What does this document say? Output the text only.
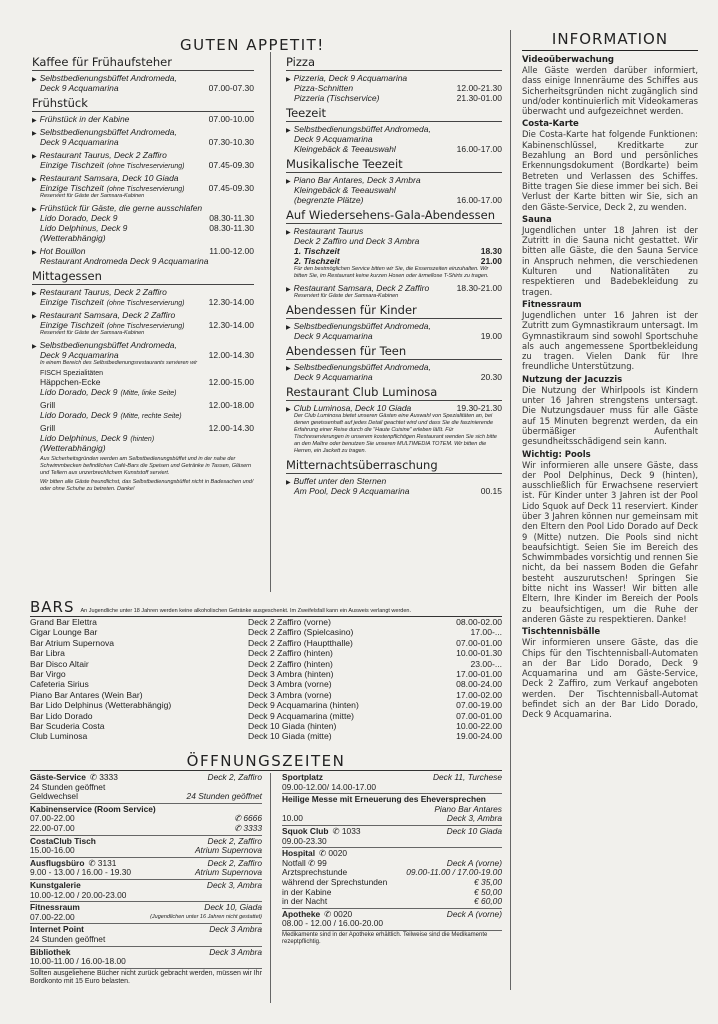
GUTEN APPETIT!
Kaffee für Frühaufsteher
▶ Selbstbedienungsbüffet Andromeda,
Deck 9 Acquamarina	07.00-07.30
Frühstück
▶ Frühstück in der Kabine	07.00-10.00
▶ Selbstbedienungsbüffet Andromeda,
Deck 9 Acquamarina	07.30-10.30
▶ Restaurant Taurus, Deck 2 Zaffiro
Einzige Tischzeit (ohne Tischreservierung)	07.45-09.30
▶ Restaurant Samsara, Deck 10 Giada
Einzige Tischzeit (ohne Tischreservierung)	07.45-09.30
Reserviert für Gäste der Samsara-Kabinen
▶ Frühstück für Gäste, die gerne ausschlafen
Lido Dorado, Deck 9	08.30-11.30
Lido Delphinus, Deck 9	08.30-11.30
(Wetterabhängig)
▶ Hot Bouillon	11.00-12.00
Restaurant Andromeda Deck 9 Acquamarina
Mittagessen
▶ Restaurant Taurus, Deck 2 Zaffiro
Einzige Tischzeit (ohne Tischreservierung)	12.30-14.00
▶ Restaurant Samsara, Deck 2 Zaffiro
Einzige Tischzeit (ohne Tischreservierung)	12.30-14.00
Reserviert für Gäste der Samsara-Kabinen
▶ Selbstbedienungsbüffet Andromeda,
Deck 9 Acquamarina	12.00-14.30
In einem Bereich des Selbstbedienungsrestaurants servieren wir
FISCH Spezialitäten
Häppchen-Ecke	12.00-15.00
Lido Dorado, Deck 9 (Mitte, linke Seite)
Grill	12.00-18.00
Lido Dorado, Deck 9 (Mitte, rechte Seite)
Grill	12.00-14.30
Lido Delphinus, Deck 9 (hinten)
(Wetterabhängig)
Aus Sicherheitsgründen werden am Selbstbedienungsbüffet und in der nahe der Schwimmbecken befindlichen Café-Bars die Speisen und Getränke in Tassen, Gläsern und Tellern aus unzerbrechlichem Kunststoff serviert.
Wir bitten alle Gäste freundlichst, das Selbstbedienungsbüffet nicht in Badesachen und/ oder ohne Schuhe zu betreten. Danke!
Pizza
▶ Pizzeria, Deck 9 Acquamarina
Pizza-Schnitten	12.00-21.30
Pizzeria (Tischservice)	21.30-01.00
Teezeit
▶ Selbstbedienungsbüffet Andromeda,
Deck 9 Acquamarina
Kleingebäck & Teeauswahl	16.00-17.00
Musikalische Teezeit
▶ Piano Bar Antares, Deck 3 Ambra
Kleingebäck & Teeauswahl
(begrenzte Plätze)	16.00-17.00
Auf Wiedersehens-Gala-Abendessen
▶ Restaurant Taurus
Deck 2 Zaffiro und Deck 3 Ambra
1. Tischzeit	18.30
2. Tischzeit	21.00
Für den bestmöglichen Service bitten wir Sie, die Essenszeiten einzuhalten. Wir bitten Sie, im Restaurant keine kurzen Hosen oder ärmellose T-Shirts zu tragen.
▶ Restaurant Samsara, Deck 2 Zaffiro	18.30-21.00
Reserviert für Gäste der Samsara-Kabinen
Abendessen für Kinder
▶ Selbstbedienungsbüffet Andromeda,
Deck 9 Acquamarina	19.00
Abendessen für Teen
▶ Selbstbedienungsbüffet Andromeda,
Deck 9 Acquamarina	20.30
Restaurant Club Luminosa
▶ Club Luminosa, Deck 10 Giada	19.30-21.30
Der Club Luminosa bietet unseren Gästen eine Auswahl von Spezialitäten an, bei denen gewissenhaft auf jedes Detail geachtet wird und dass Sie die faszinierende Erfahrung einer Reise durch die "Haute Cuisine" erleben läßt. Für Tischreservierungen in unserem kostenpflichtigen Restaurant wenden Sie sich bitte an den Maître oder benutzen Sie unseren MULTIMEDIA TOTEM. Wir bitten die Herren, ein Jackett zu tragen.
Mitternachtsüberraschung
▶ Buffet unter den Sternen
Am Pool, Deck 9 Acquamarina	00.15
INFORMATION
Videoüberwachung
Alle Gäste werden darüber informiert, dass einige Innenräume des Schiffes aus Sicherheitsgründen nicht zugänglich sind und/oder kontinuierlich mit Videokameras überwacht und aufgezeichnet werden.
Costa-Karte
Die Costa-Karte hat folgende Funktionen: Kabinenschlüssel, Kreditkarte zur Bezahlung an Bord und persönliches Erkennungsdokument (Bordkarte) beim Betreten und Verlassen des Schiffes. Bitte tragen Sie diese immer bei sich. Bei Verlust der Karte bitten wir Sie, sich an den Gäste-Service, Deck 2, zu wenden.
Sauna
Jugendlichen unter 18 Jahren ist der Zutritt in die Sauna nicht gestattet. Wir bitten alle Gäste, die den Sauna Service in Anspruch nehmen, die verschiedenen Kulturen und Nationalitäten zu respektieren und Badebekleidung zu tragen.
Fitnessraum
Jugendlichen unter 16 Jahren ist der Zutritt zum Gymnastikraum untersagt. Im Gymnastikraum sind sowohl Sportschuhe als auch angemessene Sportbekleidung zu tragen. Vielen Dank für Ihre freundliche Unterstützung.
Nutzung der Jacuzzis
Die Nutzung der Whirlpools ist Kindern unter 16 Jahren strengstens untersagt. Die Nutzungsdauer muss für alle Gäste auf 15 Minuten begrenzt werden, da ein übermäßiger Aufenthalt gesundheitsschädigend sein kann.
Wichtig: Pools
Wir informieren alle unsere Gäste, dass der Pool Delphinus, Deck 9 (hinten), ausschließlich für Erwachsene reserviert ist. Für Kinder unter 3 Jahren ist der Pool Lido Squok auf Deck 11 reserviert. Kinder über 3 Jahren können nur gemeinsam mit den Eltern den Pool Lido Dorado auf Deck 9 (Mitte) nutzen. Die Pools sind nicht beaufsichtigt. Seien Sie im Bereich des Schwimmbades vorsichtig und rennen Sie nicht, da bei nassem Boden die Gefahr besteht auszurutschen! Springen Sie bitte nicht ins Wasser! Wir bitten alle Eltern, Ihre Kinder im Bereich der Pools zu beaufsichtigen, um die Ruhe der anderen Gäste zu respektieren. Danke!
Tischtennisbälle
Wir informieren unsere Gäste, das die Chips für den Tischtennisball-Automaten an der Bar Lido Dorado, Deck 9 Acquamarina und am Gäste-Service, Deck 2 Zaffiro, zum Verkauf angeboten werden. Der Tischtennisball-Automat befindet sich an der Bar Lido Dorado, Deck 9 Acquamarina.
BARS An Jugendliche unter 18 Jahren werden keine alkoholischen Getränke ausgeschenkt. Im Zweifelsfall kann ein Ausweis verlangt werden.
Grand Bar Elettra	Deck 2 Zaffiro (vorne)	08.00-02.00
Cigar Lounge Bar	Deck 2 Zaffiro (Spielcasino)	17.00-...
Bar Atrium Supernova	Deck 2 Zaffiro (Hauptthalle)	07.00-01.00
Bar Libra	Deck 2 Zaffiro (hinten)	10.00-01.30
Bar Disco Altair	Deck 2 Zaffiro (hinten)	23.00-...
Bar Virgo	Deck 3 Ambra (hinten)	17.00-01.00
Cafeteria Sirius	Deck 3 Ambra (vorne)	08.00-24.00
Piano Bar Antares (Wein Bar)	Deck 3 Ambra (vorne)	17.00-02.00
Bar Lido Delphinus (Wetterabhängig)	Deck 9 Acquamarina (hinten)	07.00-19.00
Bar Lido Dorado	Deck 9 Acquamarina (mitte)	07.00-01.00
Bar Scuderia Costa	Deck 10 Giada (hinten)	10.00-22.00
Club Luminosa	Deck 10 Giada (mitte)	19.00-24.00
ÖFFNUNGSZEITEN
Gäste-Service ✆ 3333	Deck 2, Zaffiro
24 Stunden geöffnet
Geldwechsel	24 Stunden geöffnet
Kabinenservice (Room Service)
07.00-22.00	✆ 6666
22.00-07.00	✆ 3333
CostaClub Tisch	Deck 2, Zaffiro
15.00-16.00	Atrium Supernova
Ausflugsbüro ✆ 3131	Deck 2, Zaffiro
9.00 - 13.00 / 16.00 - 19.30	Atrium Supernova
Kunstgalerie	Deck 3, Ambra
10.00-12.00 / 20.00-23.00
Fitnessraum	Deck 10, Giada
07.00-22.00	(Jugendlichen unter 16 Jahren nicht gestattet)
Internet Point	Deck 3 Ambra
24 Stunden geöffnet
Bibliothek	Deck 3 Ambra
10.00-11.00 / 16.00-18.00
Sollten ausgeliehene Bücher nicht zurück gebracht werden, müssen wir Ihr Bordkonto mit 15 Euro belasten.
Sportplatz	Deck 11, Turchese
09.00-12.00/ 14.00-17.00
Heilige Messe mit Erneuerung des Eheversprechen
Piano Bar Antares
10.00	Deck 3, Ambra
Squok Club ✆ 1033	Deck 10 Giada
09.00-23.30
Hospital ✆ 0020
Notfall ✆ 99	Deck A (vorne)
Arztsprechstunde	09.00-11.00 / 17.00-19.00
während der Sprechstunden	€ 35,00
in der Kabine	€ 50,00
in der Nacht	€ 60,00
Apotheke ✆ 0020	Deck A (vorne)
08.00 - 12.00 / 16.00-20.00
Medikamente sind in der Apotheke erhältlich. Teilweise sind die Medikamente rezeptpflichtig.
